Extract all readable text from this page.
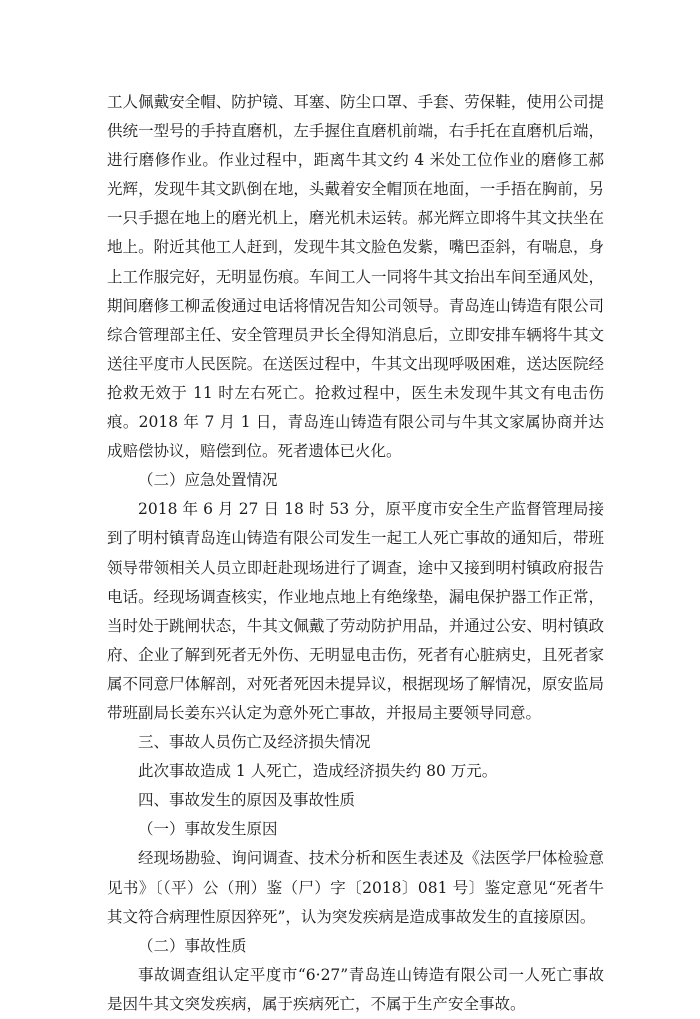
工人佩戴安全帽、防护镜、耳塞、防尘口罩、手套、劳保鞋，使用公司提供统一型号的手持直磨机，左手握住直磨机前端，右手托在直磨机后端，进行磨修作业。作业过程中，距离牛其文约 4 米处工位作业的磨修工郝光辉，发现牛其文趴倒在地，头戴着安全帽顶在地面，一手捂在胸前，另一只手摁在地上的磨光机上，磨光机未运转。郝光辉立即将牛其文扶坐在地上。附近其他工人赶到，发现牛其文脸色发紫，嘴巴歪斜，有喘息，身上工作服完好，无明显伤痕。车间工人一同将牛其文抬出车间至通风处，期间磨修工柳孟俊通过电话将情况告知公司领导。青岛连山铸造有限公司综合管理部主任、安全管理员尹长全得知消息后，立即安排车辆将牛其文送往平度市人民医院。在送医过程中，牛其文出现呼吸困难，送达医院经抢救无效于 11 时左右死亡。抢救过程中，医生未发现牛其文有电击伤痕。2018 年 7 月 1 日，青岛连山铸造有限公司与牛其文家属协商并达成赔偿协议，赔偿到位。死者遗体已火化。

（二）应急处置情况

2018 年 6 月 27 日 18 时 53 分，原平度市安全生产监督管理局接到了明村镇青岛连山铸造有限公司发生一起工人死亡事故的通知后，带班领导带领相关人员立即赶赴现场进行了调查，途中又接到明村镇政府报告电话。经现场调查核实，作业地点地上有绝缘垫，漏电保护器工作正常，当时处于跳闸状态，牛其文佩戴了劳动防护用品，并通过公安、明村镇政府、企业了解到死者无外伤、无明显电击伤，死者有心脏病史，且死者家属不同意尸体解剖，对死者死因未提异议，根据现场了解情况，原安监局带班副局长姜东兴认定为意外死亡事故，并报局主要领导同意。

三、事故人员伤亡及经济损失情况

此次事故造成 1 人死亡，造成经济损失约 80 万元。

四、事故发生的原因及事故性质

（一）事故发生原因

经现场勘验、询问调查、技术分析和医生表述及《法医学尸体检验意见书》〔（平）公（刑）鉴（尸）字〔2018〕081 号〕鉴定意见“死者牛其文符合病理性原因猝死”，认为突发疾病是造成事故发生的直接原因。

（二）事故性质

事故调查组认定平度市“6·27”青岛连山铸造有限公司一人死亡事故是因牛其文突发疾病，属于疾病死亡，不属于生产安全事故。
